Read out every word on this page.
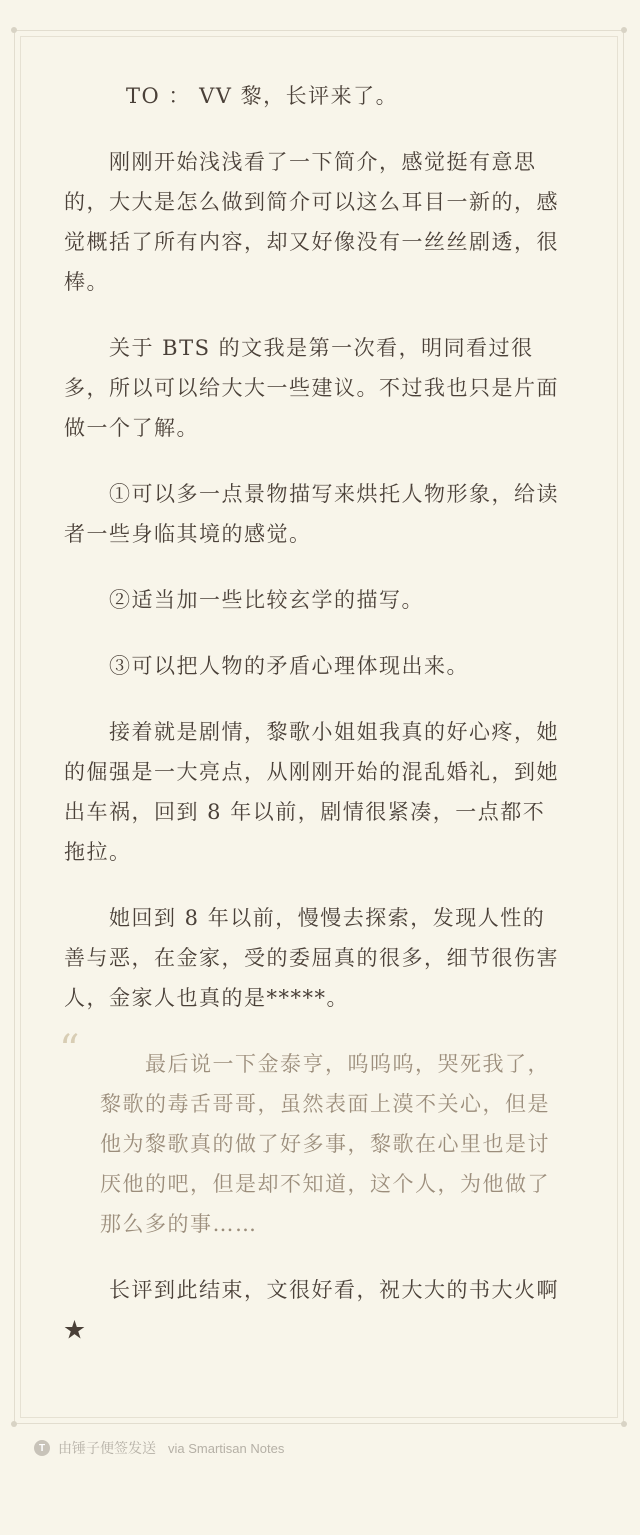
TO ： VV 黎，长评来了。

　　刚刚开始浅浅看了一下简介，感觉挺有意思的，大大是怎么做到简介可以这么耳目一新的，感觉概括了所有内容，却又好像没有一丝丝剧透，很棒。

　　关于 BTS 的文我是第一次看，明同看过很多，所以可以给大大一些建议。不过我也只是片面做一个了解。

　　①可以多一点景物描写来烘托人物形象，给读者一些身临其境的感觉。

　　②适当加一些比较玄学的描写。

　　③可以把人物的矛盾心理体现出来。

　　接着就是剧情，黎歌小姐姐我真的好心疼，她的倔强是一大亮点，从刚刚开始的混乱婚礼，到她出车祸，回到 8 年以前，剧情很紧凑，一点都不拖拉。

　　她回到 8 年以前，慢慢去探索，发现人性的善与恶，在金家，受的委屈真的很多，细节很伤害人，金家人也真的是*****。

“ 　　最后说一下金泰亨，呜呜呜，哭死我了，黎歌的毒舌哥哥，虽然表面上漠不关心，但是他为黎歌真的做了好多事，黎歌在心里也是讨厌他的吧，但是却不知道，这个人，为他做了那么多的事……

　　长评到此结束，文很好看，祝大大的书大火啊★

T 由锤子便签发送 via Smartisan Notes
